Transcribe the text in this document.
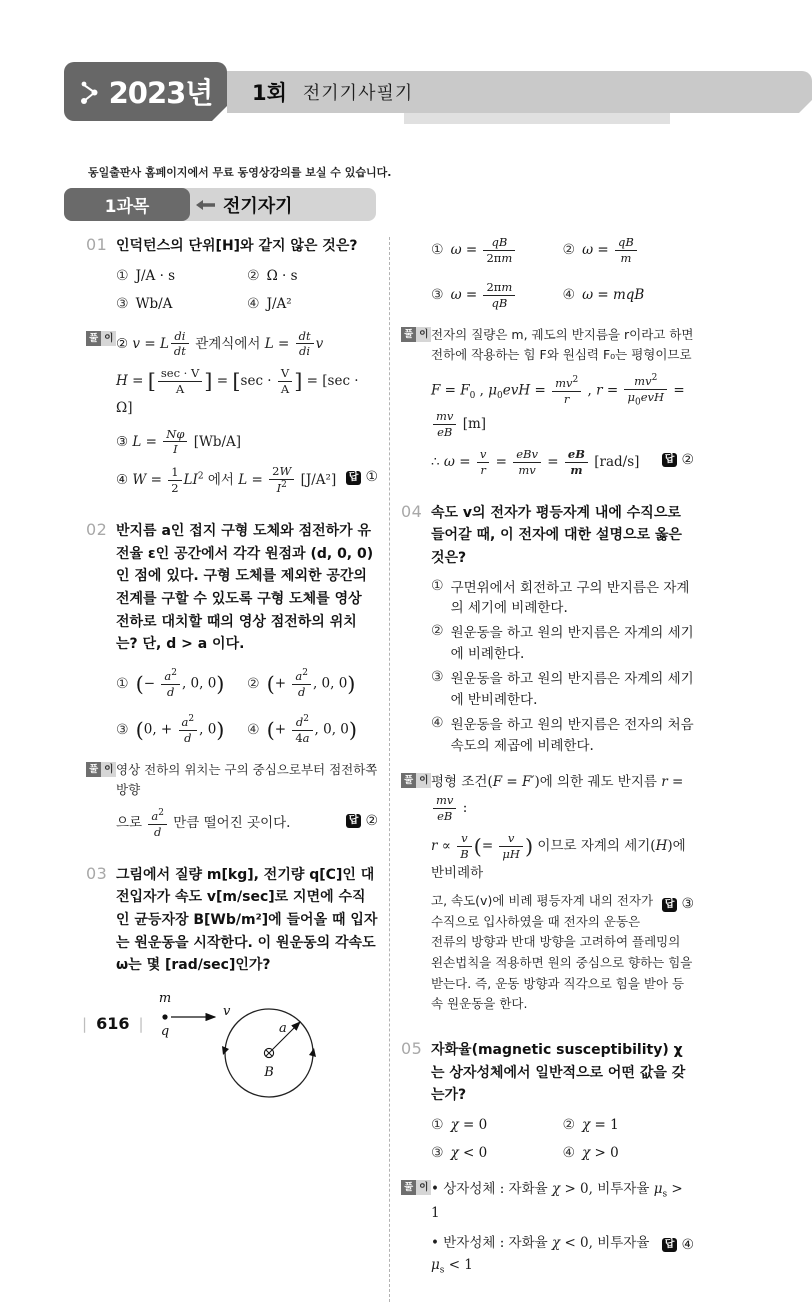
1회 전기기사필기
2023년
동일출판사 홈페이지에서 무료 동영상강의를 보실 수 있습니다.
1과목	전기자기
01 인덕턴스의 단위[H]와 같지 않은 것은?
① J/A · s	② Ω · s
③ Wb/A	④ J/A²
풀 이 ② v = L $\frac{di}{dt}$ 관계식에서 $L = \frac{dt}{di}$ v
H = [ $\frac{\sec \cdot V}{A}$ ] = [$\sec \cdot \frac{V}{A}$ ] = [sec · Ω]
③ $L = \frac{N\varphi}{I} [Wb/A]$
답 ①
④ $W = \frac{1}{2} LI^2$ 에서 $L = \frac{2W}{I^2} [J/A^2]$
02 반지름 a인 접지 구형 도체와 점전하가 유전율 ε인 공간에서 각각 원점과 (d, 0, 0)인 점에 있다. 구형 도체를 제외한 공간의 전계를 구할 수 있도록 구형 도체를 영상 전하로 대치할 때의 영상 점전하의 위치는? 단, d > a 이다.
① (− $\frac{a^2}{d}$ , 0, 0) ② (+ $\frac{a^2}{d}$ , 0, 0)
③ (0, + $\frac{a^2}{d}$ , 0) ④ (+ $\frac{d^2}{4a}$ , 0, 0)
풀 이 영상 전하의 위치는 구의 중심으로부터 점전하쪽 방향
답 ②
으로 $\frac{a^2}{d}$ 만큼 떨어진 곳이다.
03 그림에서 질량 m[kg], 전기량 q[C]인 대전입자가 속도 v[m/sec]로 지면에 수직인 균등자장 B[Wb/m²]에 들어올 때 입자는 원운동을 시작한다. 이 원운동의 각속도 ω는 몇 [rad/sec]인가?
m
q
v
a
B
① $\omega = \frac{qB}{2\pi m}$	② $\omega = \frac{qB}{m}$
③ $\omega = \frac{2\pi m}{qB}$	④ ω = mqB
풀 이 전자의 질량은 m, 궤도의 반지름을 r이라고 하면 전하에 작용하는 힘 F와 원심력 F₀는 평형이므로
$F = F_0$ , $\mu_0evH = \frac{mv^2}{r}$ , $r = \frac{mv^2}{\mu_0evH}$ =
$\frac{mv}{eB} [m]$
답 ②
∴ $\omega = \frac{v}{r} = \frac{\text{eBv}}{mv} = \frac{eB}{m} [rad/s]$
04 속도 v의 전자가 평등자계 내에 수직으로 들어갈 때, 이 전자에 대한 설명으로 옳은 것은?
① 구면위에서 회전하고 구의 반지름은 자계의 세기에 비례한다.
② 원운동을 하고 원의 반지름은 자계의 세기에 비례한다.
③ 원운동을 하고 원의 반지름은 자계의 세기에 반비례한다.
④ 원운동을 하고 원의 반지름은 전자의 처음 속도의 제곱에 비례한다.
풀 이 평형 조건(F = F′)에 의한 궤도 반지름 r =
$\frac{mv}{eB}$ :
$r \propto \frac{v}{B}$ (= $\frac{v}{\mu H}$ ) 이므로 자계의 세기(H)에 반비례하
답 ③
고, 속도(v)에 비례 평등자계 내의 전자가 수직으로 입사하였을 때 전자의 운동은 전류의 방향과 반대 방향을 고려하여 플레밍의 왼손법칙을 적용하면 원의 중심으로 향하는 힘을 받는다. 즉, 운동 방향과 직각으로 힘을 받아 등속 원운동을 한다.
05 자화율(magnetic susceptibility) χ는 상자성체에서 일반적으로 어떤 값을 갖는가?
① χ = 0	② χ = 1
③ χ < 0	④ χ > 0
풀 이 • 상자성체 : 자화율 χ > 0, 비투자율 $\mu_s > 1$
답 ④
• 반자성체 : 자화율 χ < 0, 비투자율 $\mu_s < 1$
| 616 |
